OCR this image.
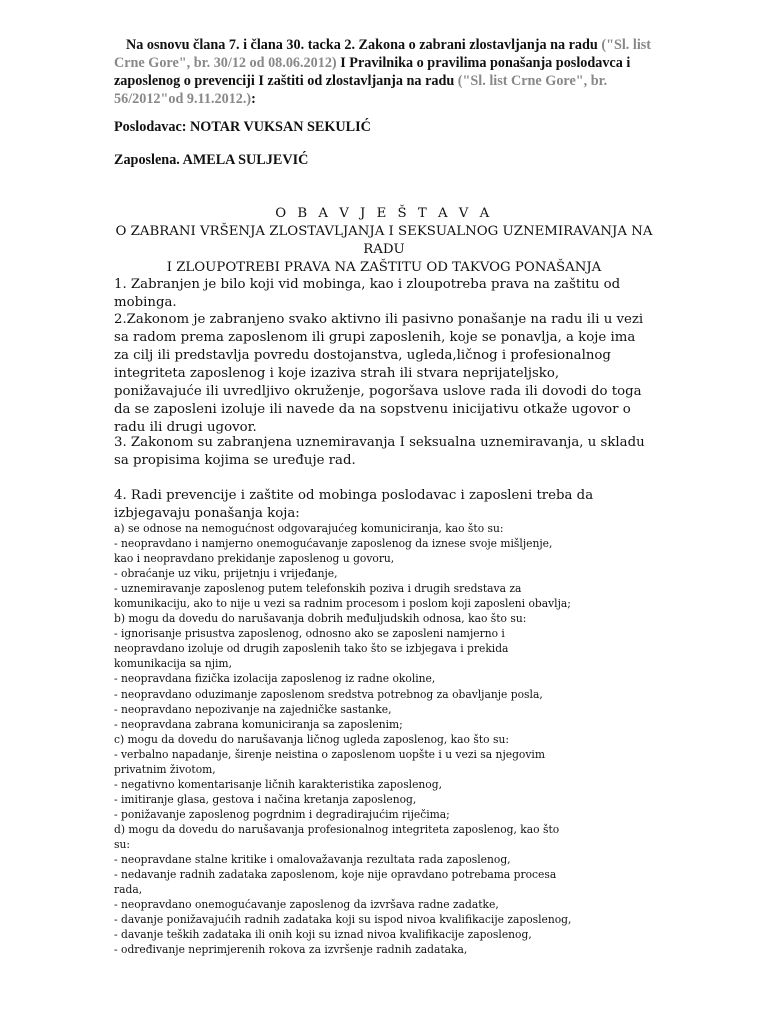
Na osnovu člana 7. i člana 30. tacka 2. Zakona o zabrani zlostavljanja na radu ("Sl. list Crne Gore", br. 30/12 od 08.06.2012) I Pravilnika o pravilima ponašanja poslodavca i zaposlenog o prevenciji I zaštiti od zlostavljanja na radu ("Sl. list Crne Gore", br. 56/2012"od 9.11.2012.):
Poslodavac: NOTAR VUKSAN SEKULIĆ
Zaposlena. AMELA SULJEVIĆ
O B A V J E Š T A V A
O ZABRANI VRŠENJA ZLOSTAVLJANJA I SEKSUALNOG UZNEMIRAVANJA NA RADU
I ZLOUPOTREBI PRAVA NA ZAŠTITU OD TAKVOG PONAŠANJA
1. Zabranjen je bilo koji vid mobinga, kao i zloupotreba prava na zaštitu od mobinga.
2.Zakonom je zabranjeno svako aktivno ili pasivno ponašanje na radu ili u vezi sa radom prema zaposlenom ili grupi zaposlenih, koje se ponavlja, a koje ima za cilj ili predstavlja povredu dostojanstva, ugleda,ličnog i profesionalnog integriteta zaposlenog i koje izaziva strah ili stvara neprijateljsko, ponižavajuće ili uvredljivo okruženje, pogoršava uslove rada ili dovodi do toga da se zaposleni izoluje ili navede da na sopstvenu inicijativu otkaže ugovor o radu ili drugi ugovor.
3. Zakonom su zabranjena uznemiravanja I seksualna uznemiravanja, u skladu sa propisima kojima se uređuje rad.
4. Radi prevencije i zaštite od mobinga poslodavac i zaposleni treba da izbjegavaju ponašanja koja:
a) se odnose na nemogućnost odgovarajućeg komuniciranja, kao što su:
- neopravdano i namjerno onemogućavanje zaposlenog da iznese svoje mišljenje,
kao i neopravdano prekidanje zaposlenog u govoru,
- obraćanje uz viku, prijetnju i vrijeđanje,
- uznemiravanje zaposlenog putem telefonskih poziva i drugih sredstava za
komunikaciju, ako to nije u vezi sa radnim procesom i poslom koji zaposleni obavlja;
b) mogu da dovedu do narušavanja dobrih međuljudskih odnosa, kao što su:
- ignorisanje prisustva zaposlenog, odnosno ako se zaposleni namjerno i
neopravdano izoluje od drugih zaposlenih tako što se izbjegava i prekida
komunikacija sa njim,
- neopravdana fizička izolacija zaposlenog iz radne okoline,
- neopravdano oduzimanje zaposlenom sredstva potrebnog za obavljanje posla,
- neopravdano nepozivanje na zajedničke sastanke,
- neopravdana zabrana komuniciranja sa zaposlenim;
c) mogu da dovedu do narušavanja ličnog ugleda zaposlenog, kao što su:
- verbalno napadanje, širenje neistina o zaposlenom uopšte i u vezi sa njegovim
privatnim životom,
- negativno komentarisanje ličnih karakteristika zaposlenog,
- imitiranje glasa, gestova i načina kretanja zaposlenog,
- ponižavanje zaposlenog pogrdnim i degradirajućim riječima;
d) mogu da dovedu do narušavanja profesionalnog integriteta zaposlenog, kao što
su:
- neopravdane stalne kritike i omalovažavanja rezultata rada zaposlenog,
- nedavanje radnih zadataka zaposlenom, koje nije opravdano potrebama procesa
rada,
- neopravdano onemogućavanje zaposlenog da izvršava radne zadatke,
- davanje ponižavajućih radnih zadataka koji su ispod nivoa kvalifikacije zaposlenog,
- davanje teških zadataka ili onih koji su iznad nivoa kvalifikacije zaposlenog,
- određivanje neprimjerenih rokova za izvršenje radnih zadataka,
